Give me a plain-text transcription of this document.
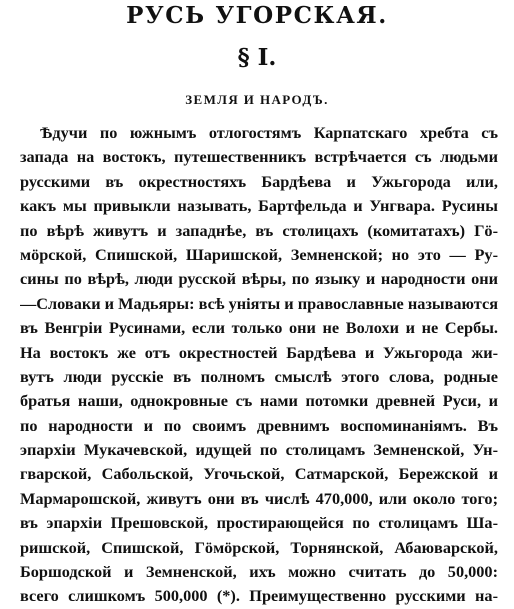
РУСЬ УГОРСКАЯ.
§ I.
ЗЕМЛЯ И НАРОДЪ.
Ѣдучи по южнымъ отлогостямъ Карпатскаго хребта съ
запада на востокъ, путешественникъ встрѣчается съ людьми
русскими въ окрестностяхъ Бардѣева и Ужьгорода или,
какъ мы привыкли называть, Бартфельда и Унгвара. Русины
по вѣрѣ живутъ и западнѣе, въ столицахъ (комитатахъ) Гö-
мöрской, Спишской, Шаришской, Земненской; но это — Ру-
сины по вѣрѣ, люди русской вѣры, по языку и народности они
—Словаки и Мадьяры: всѣ уніяты и православные называются
въ Венгріи Русинами, если только они не Волохи и не Сербы.
На востокъ же отъ окрестностей Бардѣева и Ужьгорода жи-
вутъ люди русскіе въ полномъ смыслѣ этого слова, родные
братья наши, однокровные съ нами потомки древней Руси, и
по народности и по своимъ древнимъ воспоминаніямъ. Въ
эпархіи Мукачевской, идущей по столицамъ Земненской, Ун-
гварской, Сабольской, Угочьской, Сатмарской, Бережской и
Мармарошской, живутъ они въ числѣ 470,000, или около того;
въ эпархіи Прешовской, простирающейся по столицамъ Ша-
ришской, Спишской, Гöмöрской, Торнянской, Абаюварской,
Боршодской и Земненской, ихъ можно считать до 50,000:
всего слишкомъ 500,000 (*). Преимущественно русскими на-
